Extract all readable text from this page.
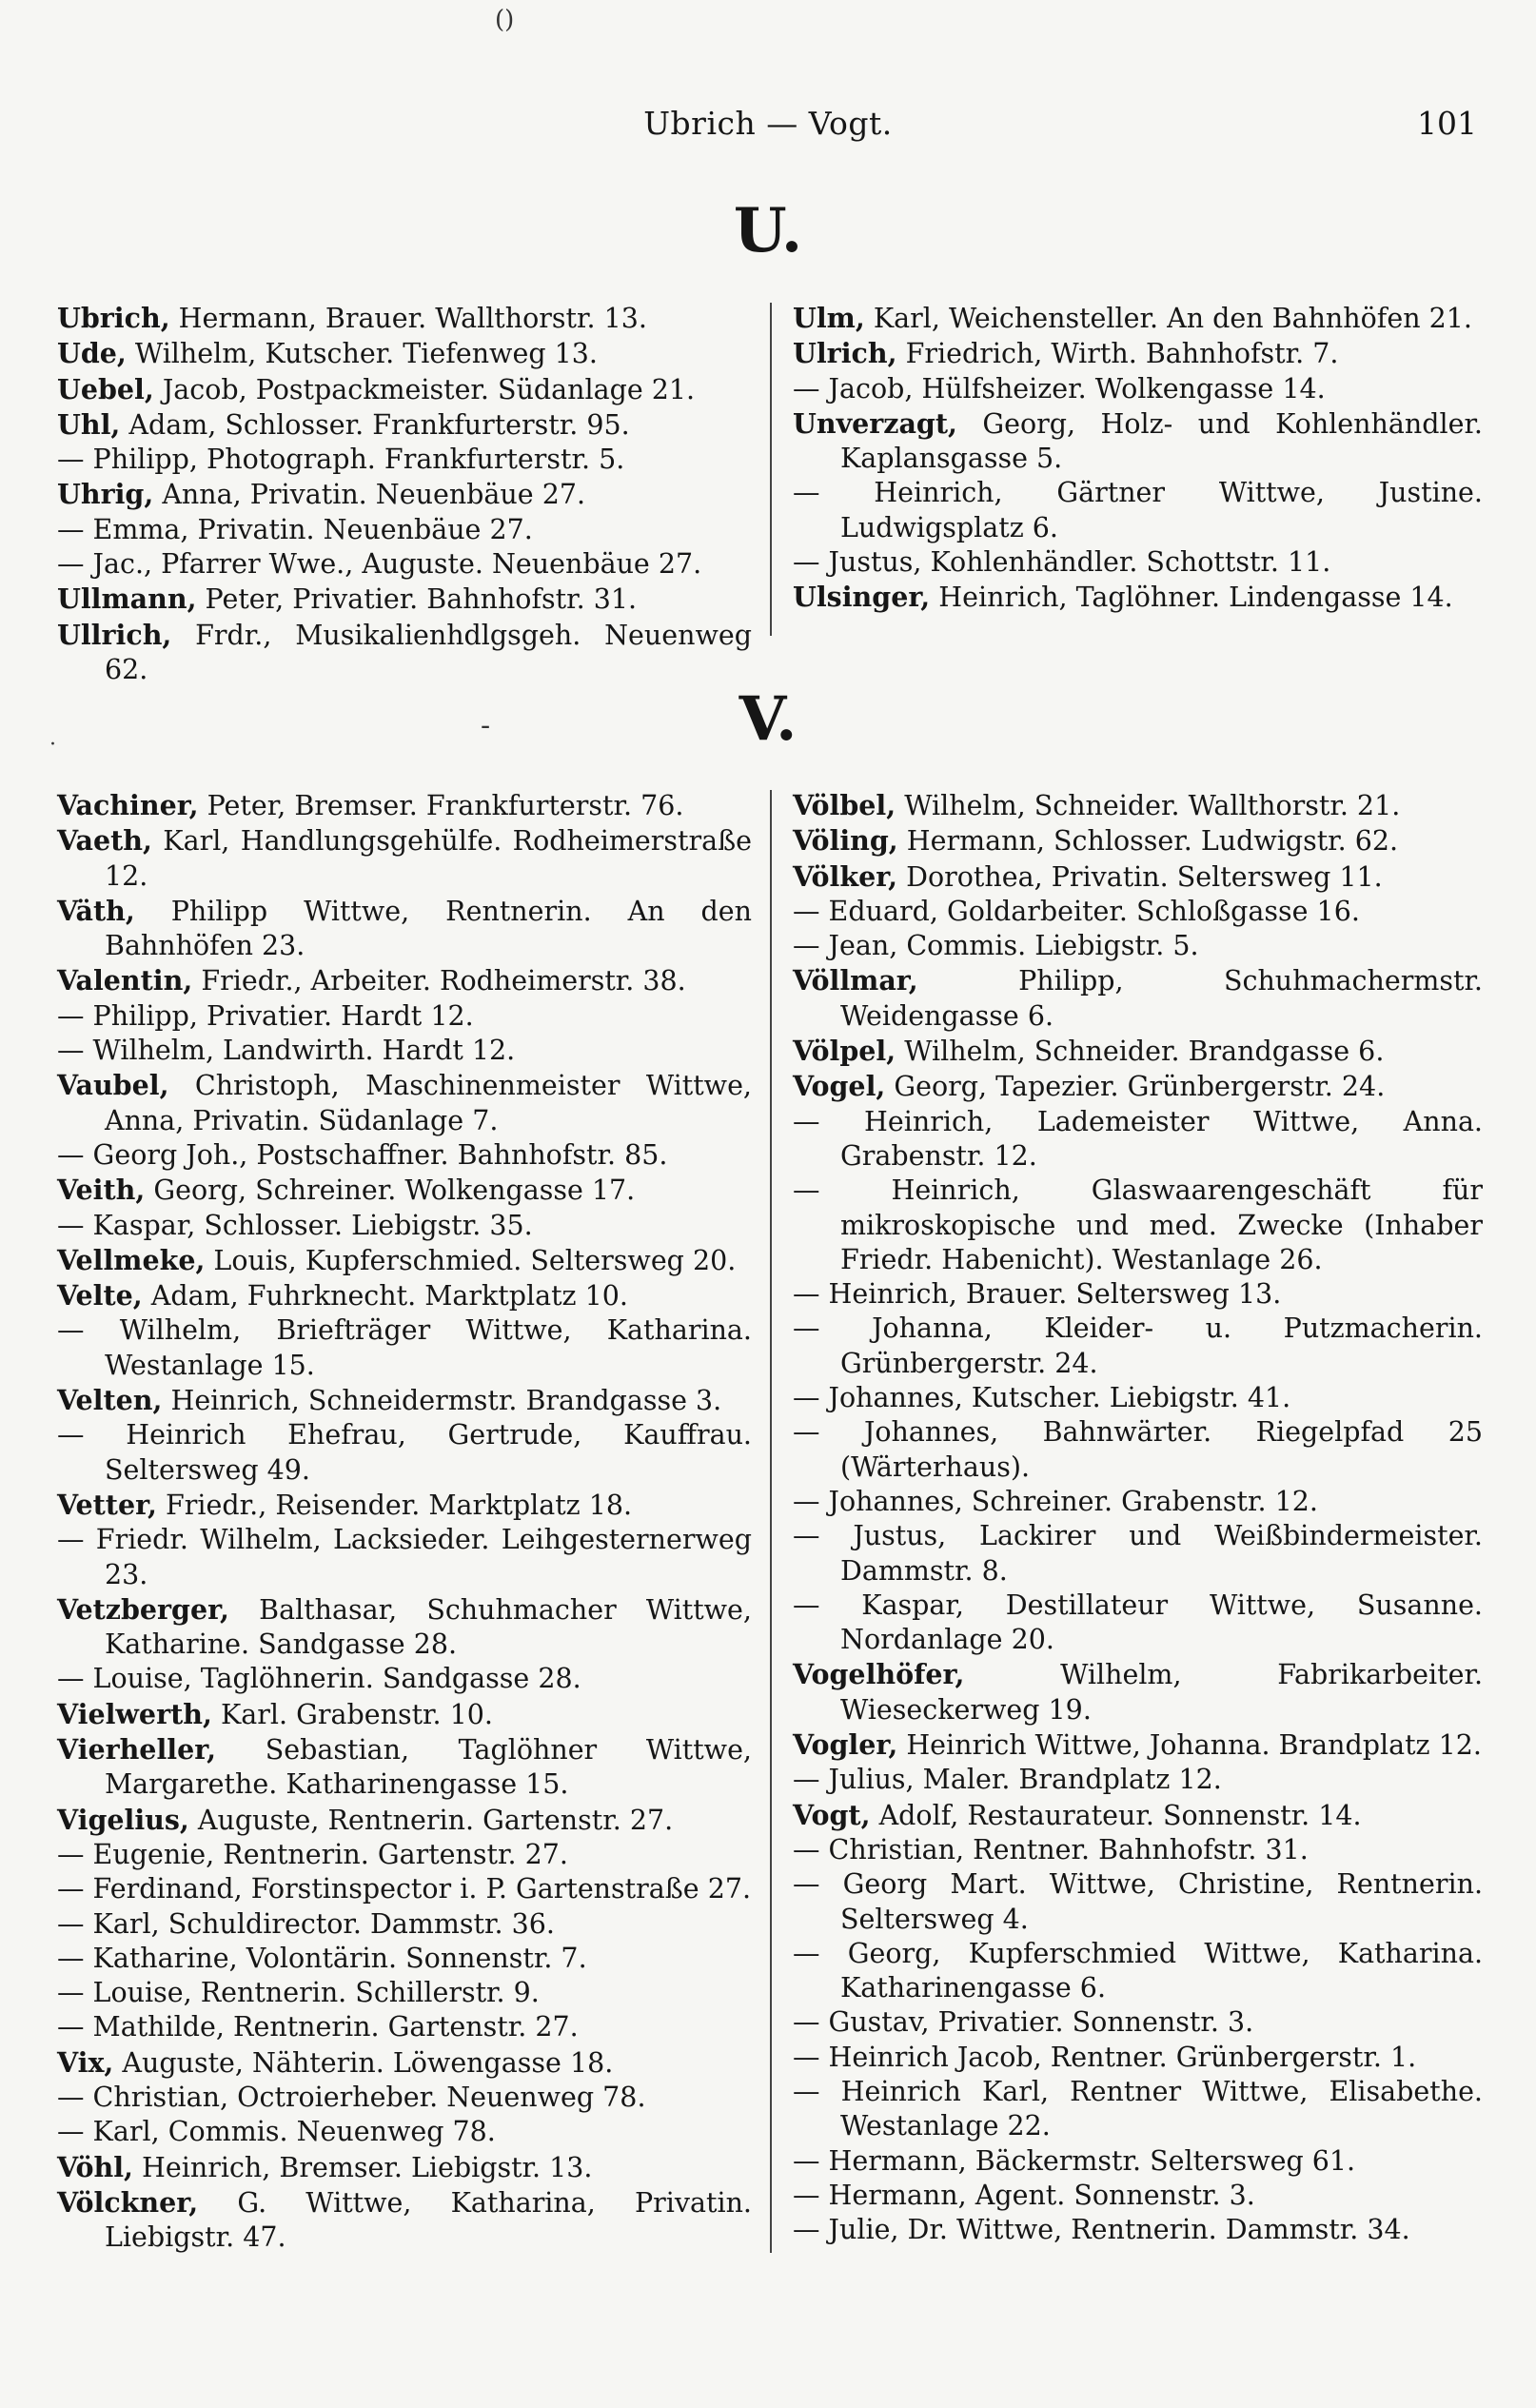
()
Ubrich — Vogt.	101
U.
Ubrich, Hermann, Brauer. Wallthorstr. 13.
Ude, Wilhelm, Kutscher. Tiefenweg 13.
Uebel, Jacob, Postpackmeister. Südanlage 21.
Uhl, Adam, Schlosser. Frankfurterstr. 95.
— Philipp, Photograph. Frankfurterstr. 5.
Uhrig, Anna, Privatin. Neuenbäue 27.
— Emma, Privatin. Neuenbäue 27.
— Jac., Pfarrer Wwe., Auguste. Neuenbäue 27.
Ullmann, Peter, Privatier. Bahnhofstr. 31.
Ullrich, Frdr., Musikalienhdlgsgeh. Neuenweg 62.
Ulm, Karl, Weichensteller. An den Bahnhöfen 21.
Ulrich, Friedrich, Wirth. Bahnhofstr. 7.
— Jacob, Hülfsheizer. Wolkengasse 14.
Unverzagt, Georg, Holz- und Kohlenhändler. Kaplansgasse 5.
— Heinrich, Gärtner Wittwe, Justine. Ludwigsplatz 6.
— Justus, Kohlenhändler. Schottstr. 11.
Ulsinger, Heinrich, Taglöhner. Lindengasse 14.
·
-	V.
Vachiner, Peter, Bremser. Frankfurterstr. 76.
Vaeth, Karl, Handlungsgehülfe. Rodheimerstraße 12.
Väth, Philipp Wittwe, Rentnerin. An den Bahnhöfen 23.
Valentin, Friedr., Arbeiter. Rodheimerstr. 38.
— Philipp, Privatier. Hardt 12.
— Wilhelm, Landwirth. Hardt 12.
Vaubel, Christoph, Maschinenmeister Wittwe, Anna, Privatin. Südanlage 7.
— Georg Joh., Postschaffner. Bahnhofstr. 85.
Veith, Georg, Schreiner. Wolkengasse 17.
— Kaspar, Schlosser. Liebigstr. 35.
Vellmeke, Louis, Kupferschmied. Seltersweg 20.
Velte, Adam, Fuhrknecht. Marktplatz 10.
— Wilhelm, Briefträger Wittwe, Katharina. Westanlage 15.
Velten, Heinrich, Schneidermstr. Brandgasse 3.
— Heinrich Ehefrau, Gertrude, Kauffrau. Seltersweg 49.
Vetter, Friedr., Reisender. Marktplatz 18.
— Friedr. Wilhelm, Lacksieder. Leihgesternerweg 23.
Vetzberger, Balthasar, Schuhmacher Wittwe, Katharine. Sandgasse 28.
— Louise, Taglöhnerin. Sandgasse 28.
Vielwerth, Karl. Grabenstr. 10.
Vierheller, Sebastian, Taglöhner Wittwe, Margarethe. Katharinengasse 15.
Vigelius, Auguste, Rentnerin. Gartenstr. 27.
— Eugenie, Rentnerin. Gartenstr. 27.
— Ferdinand, Forstinspector i. P. Gartenstraße 27.
— Karl, Schuldirector. Dammstr. 36.
— Katharine, Volontärin. Sonnenstr. 7.
— Louise, Rentnerin. Schillerstr. 9.
— Mathilde, Rentnerin. Gartenstr. 27.
Vix, Auguste, Nähterin. Löwengasse 18.
— Christian, Octroierheber. Neuenweg 78.
— Karl, Commis. Neuenweg 78.
Vöhl, Heinrich, Bremser. Liebigstr. 13.
Völckner, G. Wittwe, Katharina, Privatin. Liebigstr. 47.
Völbel, Wilhelm, Schneider. Wallthorstr. 21.
Völing, Hermann, Schlosser. Ludwigstr. 62.
Völker, Dorothea, Privatin. Seltersweg 11.
— Eduard, Goldarbeiter. Schloßgasse 16.
— Jean, Commis. Liebigstr. 5.
Völlmar, Philipp, Schuhmachermstr. Weidengasse 6.
Völpel, Wilhelm, Schneider. Brandgasse 6.
Vogel, Georg, Tapezier. Grünbergerstr. 24.
— Heinrich, Lademeister Wittwe, Anna. Grabenstr. 12.
— Heinrich, Glaswaarengeschäft für mikroskopische und med. Zwecke (Inhaber Friedr. Habenicht). Westanlage 26.
— Heinrich, Brauer. Seltersweg 13.
— Johanna, Kleider- u. Putzmacherin. Grünbergerstr. 24.
— Johannes, Kutscher. Liebigstr. 41.
— Johannes, Bahnwärter. Riegelpfad 25 (Wärterhaus).
— Johannes, Schreiner. Grabenstr. 12.
— Justus, Lackirer und Weißbindermeister. Dammstr. 8.
— Kaspar, Destillateur Wittwe, Susanne. Nordanlage 20.
Vogelhöfer, Wilhelm, Fabrikarbeiter. Wieseckerweg 19.
Vogler, Heinrich Wittwe, Johanna. Brandplatz 12.
— Julius, Maler. Brandplatz 12.
Vogt, Adolf, Restaurateur. Sonnenstr. 14.
— Christian, Rentner. Bahnhofstr. 31.
— Georg Mart. Wittwe, Christine, Rentnerin. Seltersweg 4.
— Georg, Kupferschmied Wittwe, Katharina. Katharinengasse 6.
— Gustav, Privatier. Sonnenstr. 3.
— Heinrich Jacob, Rentner. Grünbergerstr. 1.
— Heinrich Karl, Rentner Wittwe, Elisabethe. Westanlage 22.
— Hermann, Bäckermstr. Seltersweg 61.
— Hermann, Agent. Sonnenstr. 3.
— Julie, Dr. Wittwe, Rentnerin. Dammstr. 34.
